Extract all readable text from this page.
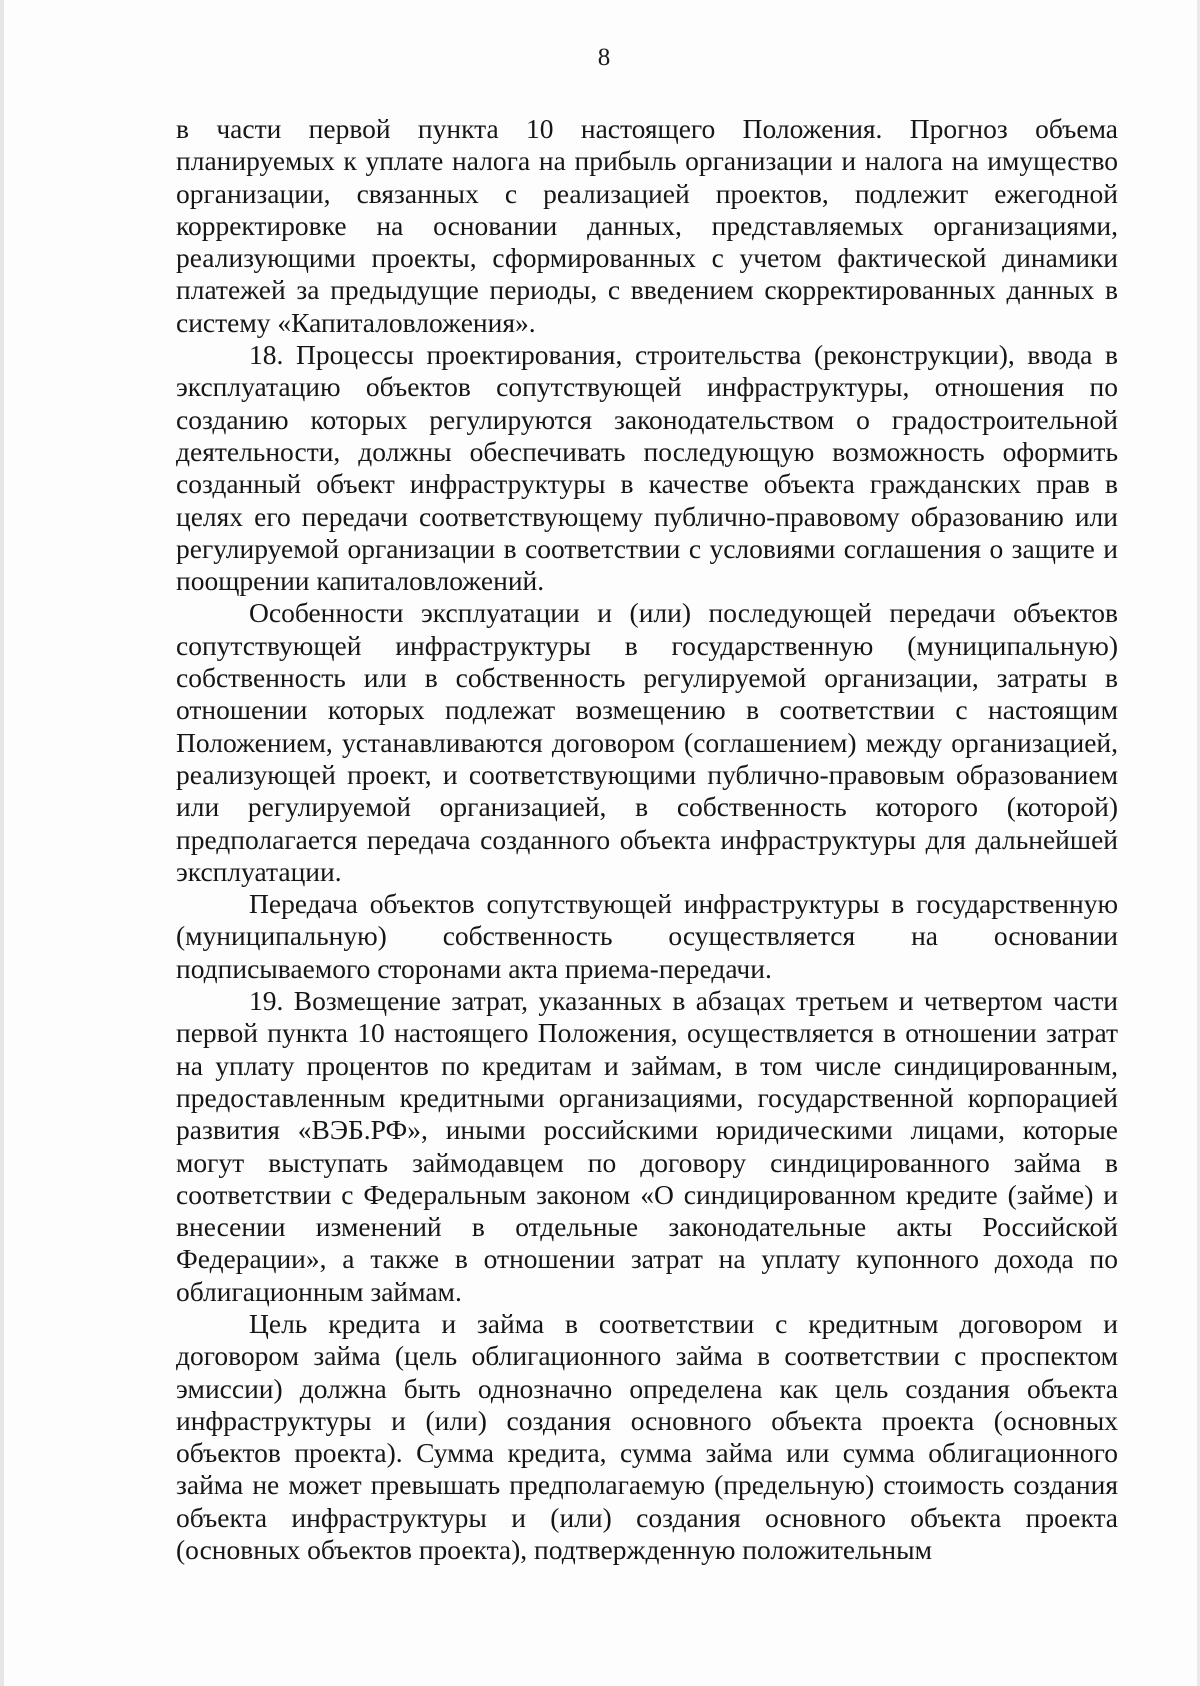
8

в части первой пункта 10 настоящего Положения. Прогноз объема планируемых к уплате налога на прибыль организации и налога на имущество организации, связанных с реализацией проектов, подлежит ежегодной корректировке на основании данных, представляемых организациями, реализующими проекты, сформированных с учетом фактической динамики платежей за предыдущие периоды, с введением скорректированных данных в систему «Капиталовложения».

18. Процессы проектирования, строительства (реконструкции), ввода в эксплуатацию объектов сопутствующей инфраструктуры, отношения по созданию которых регулируются законодательством о градостроительной деятельности, должны обеспечивать последующую возможность оформить созданный объект инфраструктуры в качестве объекта гражданских прав в целях его передачи соответствующему публично-правовому образованию или регулируемой организации в соответствии с условиями соглашения о защите и поощрении капиталовложений.

Особенности эксплуатации и (или) последующей передачи объектов сопутствующей инфраструктуры в государственную (муниципальную) собственность или в собственность регулируемой организации, затраты в отношении которых подлежат возмещению в соответствии с настоящим Положением, устанавливаются договором (соглашением) между организацией, реализующей проект, и соответствующими публично-правовым образованием или регулируемой организацией, в собственность которого (которой) предполагается передача созданного объекта инфраструктуры для дальнейшей эксплуатации.

Передача объектов сопутствующей инфраструктуры в государственную (муниципальную) собственность осуществляется на основании подписываемого сторонами акта приема-передачи.

19. Возмещение затрат, указанных в абзацах третьем и четвертом части первой пункта 10 настоящего Положения, осуществляется в отношении затрат на уплату процентов по кредитам и займам, в том числе синдицированным, предоставленным кредитными организациями, государственной корпорацией развития «ВЭБ.РФ», иными российскими юридическими лицами, которые могут выступать займодавцем по договору синдицированного займа в соответствии с Федеральным законом «О синдицированном кредите (займе) и внесении изменений в отдельные законодательные акты Российской Федерации», а также в отношении затрат на уплату купонного дохода по облигационным займам.

Цель кредита и займа в соответствии с кредитным договором и договором займа (цель облигационного займа в соответствии с проспектом эмиссии) должна быть однозначно определена как цель создания объекта инфраструктуры и (или) создания основного объекта проекта (основных объектов проекта). Сумма кредита, сумма займа или сумма облигационного займа не может превышать предполагаемую (предельную) стоимость создания объекта инфраструктуры и (или) создания основного объекта проекта (основных объектов проекта), подтвержденную положительным
